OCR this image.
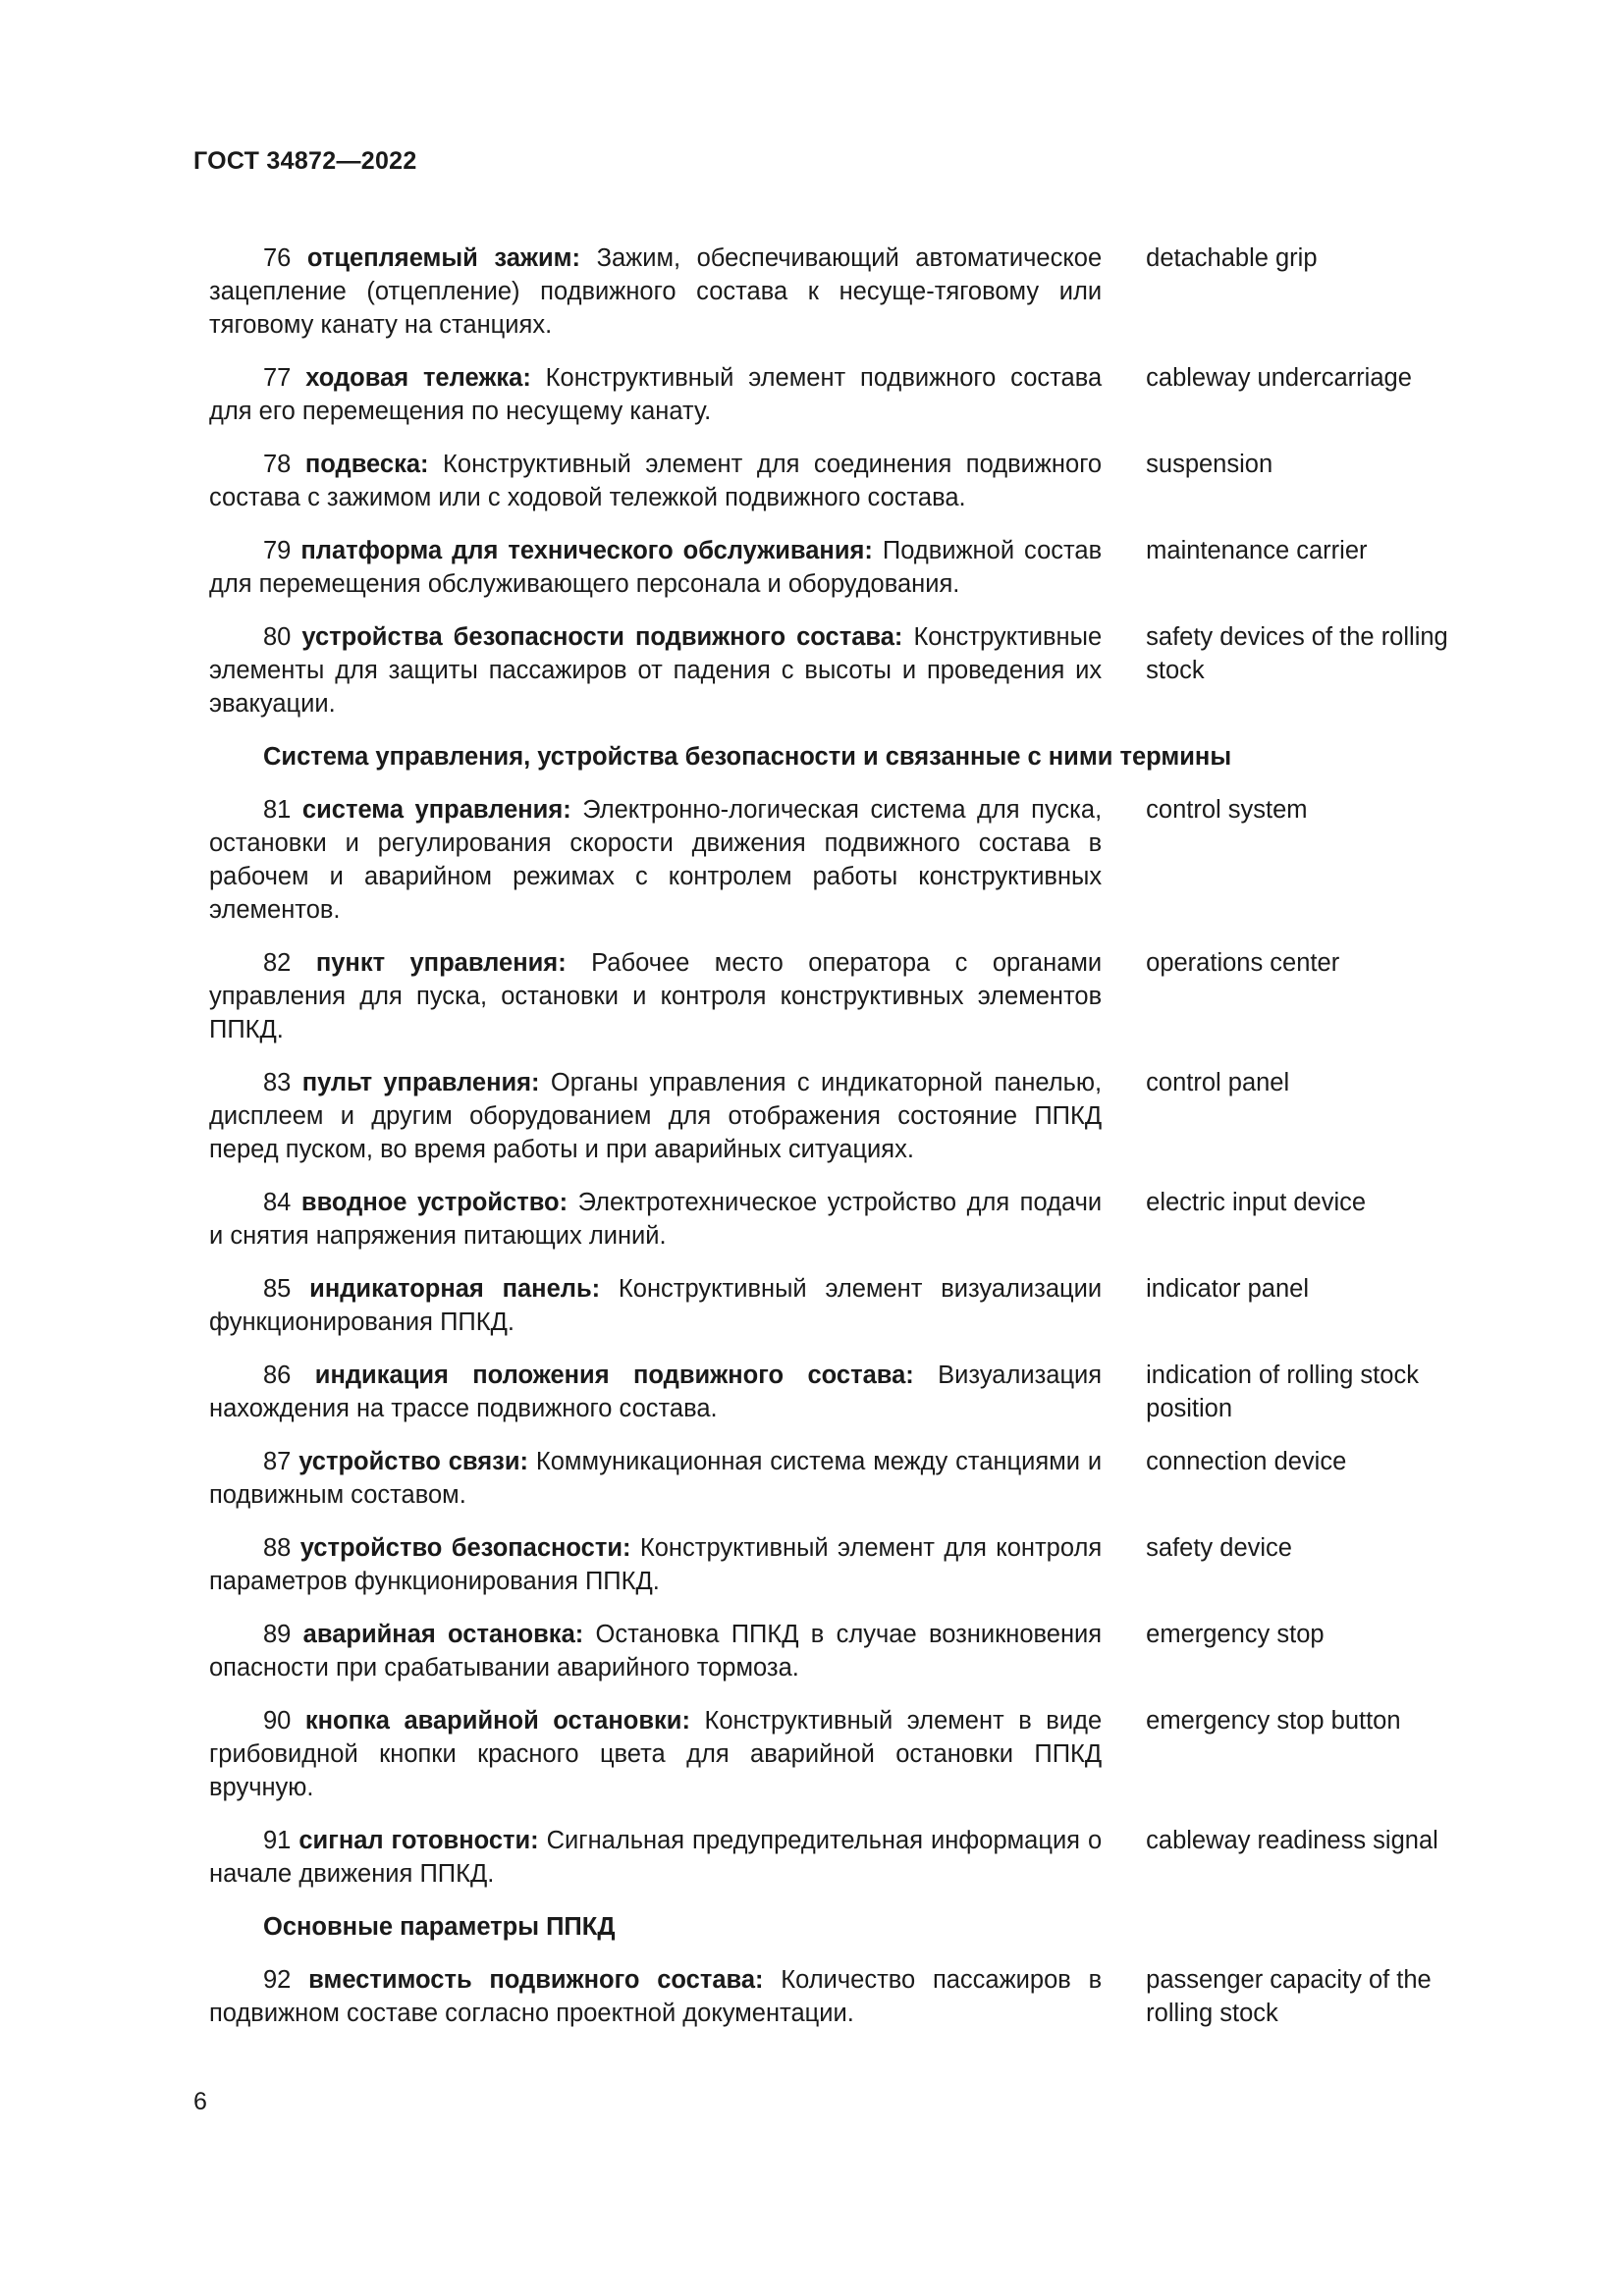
ГОСТ 34872—2022
76 отцепляемый зажим: Зажим, обеспечивающий автоматическое зацепление (отцепление) подвижного состава к несуще-тяговому или тяговому канату на станциях.
detachable grip
77 ходовая тележка: Конструктивный элемент подвижного состава для его перемещения по несущему канату.
cableway undercarriage
78 подвеска: Конструктивный элемент для соединения подвижного состава с зажимом или с ходовой тележкой подвижного состава.
suspension
79 платформа для технического обслуживания: Подвижной состав для перемещения обслуживающего персонала и оборудования.
maintenance carrier
80 устройства безопасности подвижного состава: Конструктивные элементы для защиты пассажиров от падения с высоты и проведения их эвакуации.
safety devices of the rolling stock
Система управления, устройства безопасности и связанные с ними термины
81 система управления: Электронно-логическая система для пуска, остановки и регулирования скорости движения подвижного состава в рабочем и аварийном режимах с контролем работы конструктивных элементов.
control system
82 пункт управления: Рабочее место оператора с органами управления для пуска, остановки и контроля конструктивных элементов ППКД.
operations center
83 пульт управления: Органы управления с индикаторной панелью, дисплеем и другим оборудованием для отображения состояние ППКД перед пуском, во время работы и при аварийных ситуациях.
control panel
84 вводное устройство: Электротехническое устройство для подачи и снятия напряжения питающих линий.
electric input device
85 индикаторная панель: Конструктивный элемент визуализации функционирования ППКД.
indicator panel
86 индикация положения подвижного состава: Визуализация нахождения на трассе подвижного состава.
indication of rolling stock position
87 устройство связи: Коммуникационная система между станциями и подвижным составом.
connection device
88 устройство безопасности: Конструктивный элемент для контроля параметров функционирования ППКД.
safety device
89 аварийная остановка: Остановка ППКД в случае возникновения опасности при срабатывании аварийного тормоза.
emergency stop
90 кнопка аварийной остановки: Конструктивный элемент в виде грибовидной кнопки красного цвета для аварийной остановки ППКД вручную.
emergency stop button
91 сигнал готовности: Сигнальная предупредительная информация о начале движения ППКД.
cableway readiness signal
Основные параметры ППКД
92 вместимость подвижного состава: Количество пассажиров в подвижном составе согласно проектной документации.
passenger capacity of the rolling stock
6
